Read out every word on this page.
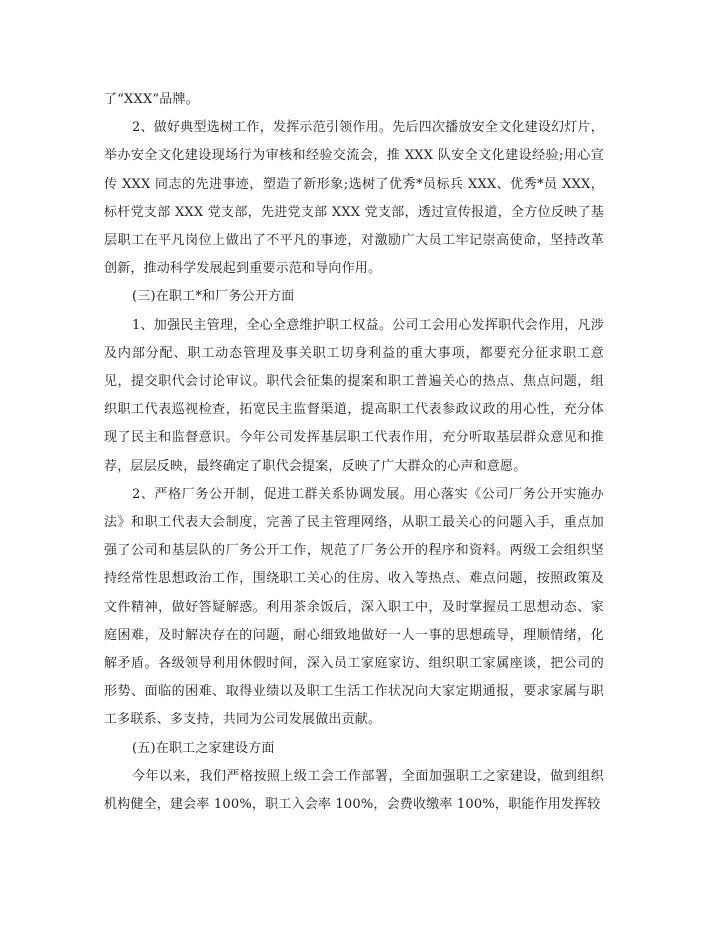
了“XXX”品牌。

2、做好典型选树工作，发挥示范引领作用。先后四次播放安全文化建设幻灯片，举办安全文化建设现场行为审核和经验交流会，推 XXX 队安全文化建设经验;用心宣传 XXX 同志的先进事迹，塑造了新形象;选树了优秀*员标兵 XXX、优秀*员 XXX，标杆党支部 XXX 党支部，先进党支部 XXX 党支部，透过宣传报道，全方位反映了基层职工在平凡岗位上做出了不平凡的事迹，对激励广大员工牢记崇高使命，坚持改革创新，推动科学发展起到重要示范和导向作用。

(三)在职工*和厂务公开方面

1、加强民主管理，全心全意维护职工权益。公司工会用心发挥职代会作用，凡涉及内部分配、职工动态管理及事关职工切身利益的重大事项，都要充分征求职工意见，提交职代会讨论审议。职代会征集的提案和职工普遍关心的热点、焦点问题，组织职工代表巡视检查，拓宽民主监督渠道，提高职工代表参政议政的用心性，充分体现了民主和监督意识。今年公司发挥基层职工代表作用，充分听取基层群众意见和推荐，层层反映，最终确定了职代会提案，反映了广大群众的心声和意愿。

2、严格厂务公开制，促进工群关系协调发展。用心落实《公司厂务公开实施办法》和职工代表大会制度，完善了民主管理网络，从职工最关心的问题入手，重点加强了公司和基层队的厂务公开工作，规范了厂务公开的程序和资料。两级工会组织坚持经常性思想政治工作，围绕职工关心的住房、收入等热点、难点问题，按照政策及文件精神，做好答疑解惑。利用茶余饭后，深入职工中，及时掌握员工思想动态、家庭困难，及时解决存在的问题，耐心细致地做好一人一事的思想疏导，理顺情绪，化解矛盾。各级领导利用休假时间，深入员工家庭家访、组织职工家属座谈，把公司的形势、面临的困难、取得业绩以及职工生活工作状况向大家定期通报，要求家属与职工多联系、多支持，共同为公司发展做出贡献。

(五)在职工之家建设方面

今年以来，我们严格按照上级工会工作部署，全面加强职工之家建设，做到组织机构健全，建会率 100%，职工入会率 100%，会费收缴率 100%，职能作用发挥较
